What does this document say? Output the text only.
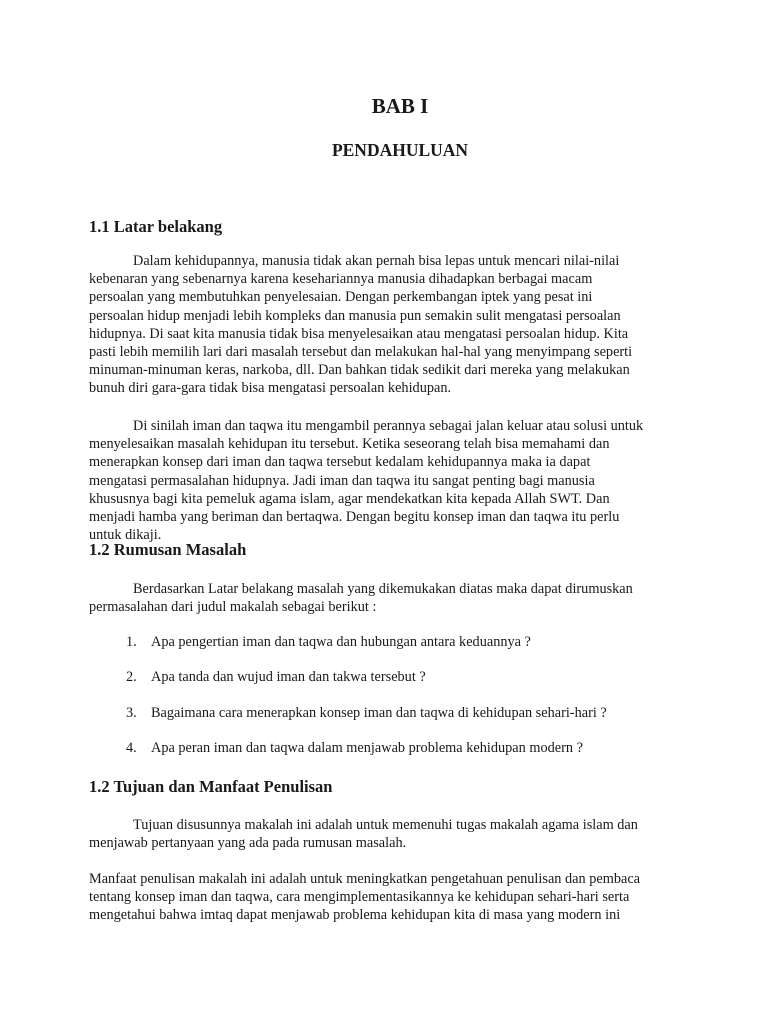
BAB I
PENDAHULUAN
1.1 Latar belakang
Dalam kehidupannya, manusia tidak akan pernah bisa lepas untuk mencari nilai-nilai
kebenaran yang sebenarnya karena kesehariannya manusia dihadapkan berbagai macam
persoalan yang membutuhkan penyelesaian. Dengan perkembangan iptek yang pesat ini
persoalan hidup menjadi lebih kompleks dan manusia pun semakin sulit mengatasi persoalan
hidupnya. Di saat kita manusia tidak bisa menyelesaikan atau mengatasi persoalan hidup. Kita
pasti lebih memilih lari dari masalah tersebut dan melakukan hal-hal yang menyimpang seperti
minuman-minuman keras, narkoba, dll. Dan bahkan tidak sedikit dari mereka yang melakukan
bunuh diri gara-gara tidak bisa mengatasi persoalan kehidupan.
Di sinilah iman dan taqwa itu mengambil perannya sebagai jalan keluar atau solusi untuk
menyelesaikan masalah kehidupan itu tersebut. Ketika seseorang telah bisa memahami dan
menerapkan konsep dari iman dan taqwa tersebut kedalam kehidupannya maka ia dapat
mengatasi permasalahan hidupnya. Jadi iman dan taqwa itu sangat penting bagi manusia
khususnya bagi kita pemeluk agama islam, agar mendekatkan kita kepada Allah SWT. Dan
menjadi hamba yang beriman dan bertaqwa. Dengan begitu konsep iman dan taqwa itu perlu
untuk dikaji.
1.2 Rumusan Masalah
Berdasarkan Latar belakang masalah yang dikemukakan diatas maka dapat dirumuskan
permasalahan dari judul makalah sebagai berikut :
1. Apa pengertian iman dan taqwa dan hubungan antara keduannya ?
2. Apa tanda dan wujud iman dan takwa tersebut ?
3. Bagaimana cara menerapkan konsep iman dan taqwa di kehidupan sehari-hari ?
4. Apa peran iman dan taqwa dalam menjawab problema kehidupan modern ?
1.2 Tujuan dan Manfaat Penulisan
Tujuan disusunnya makalah ini adalah untuk memenuhi tugas makalah agama islam dan
menjawab pertanyaan yang ada pada rumusan masalah.
Manfaat penulisan makalah ini adalah untuk meningkatkan pengetahuan penulisan dan pembaca
tentang konsep iman dan taqwa, cara mengimplementasikannya ke kehidupan sehari-hari serta
mengetahui bahwa imtaq dapat menjawab problema kehidupan kita di masa yang modern ini
